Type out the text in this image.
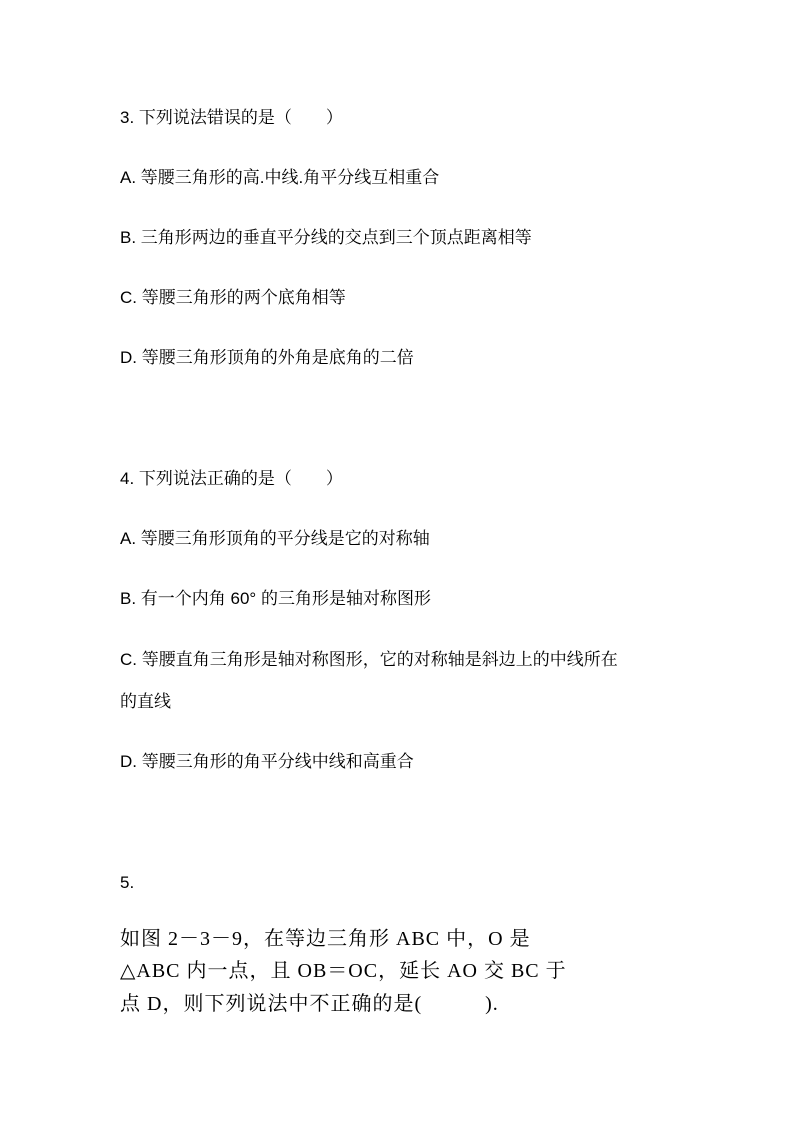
3. 下列说法错误的是（　　）
A. 等腰三角形的高.中线.角平分线互相重合
B. 三角形两边的垂直平分线的交点到三个顶点距离相等
C. 等腰三角形的两个底角相等
D. 等腰三角形顶角的外角是底角的二倍
4. 下列说法正确的是（　　）
A. 等腰三角形顶角的平分线是它的对称轴
B. 有一个内角 60° 的三角形是轴对称图形
C. 等腰直角三角形是轴对称图形，它的对称轴是斜边上的中线所在
的直线
D. 等腰三角形的角平分线中线和高重合
5.
如图 2－3－9，在等边三角形 ABC 中，O 是
△ABC 内一点，且 OB＝OC，延长 AO 交 BC 于
点 D，则下列说法中不正确的是(　　　).
